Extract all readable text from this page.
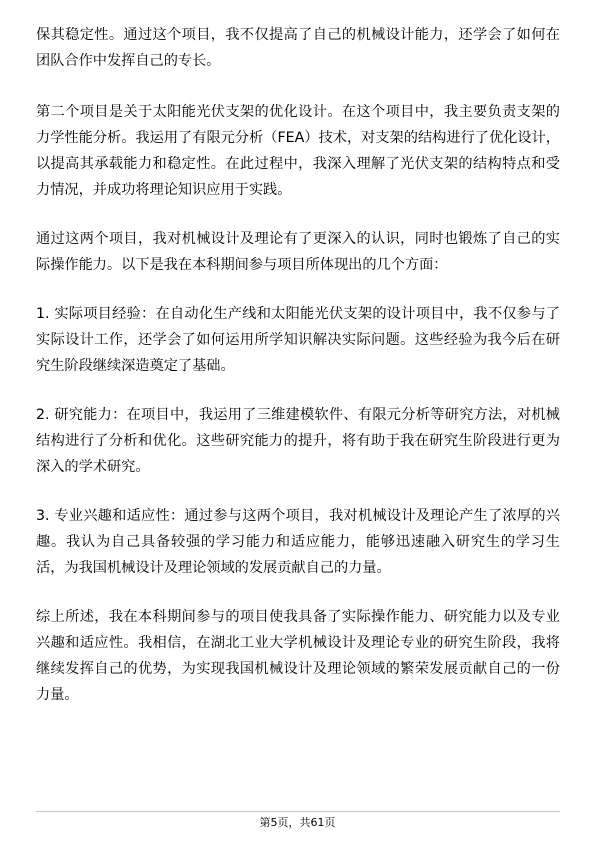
保其稳定性。通过这个项目，我不仅提高了自己的机械设计能力，还学会了如何在团队合作中发挥自己的专长。

第二个项目是关于太阳能光伏支架的优化设计。在这个项目中，我主要负责支架的力学性能分析。我运用了有限元分析（FEA）技术，对支架的结构进行了优化设计，以提高其承载能力和稳定性。在此过程中，我深入理解了光伏支架的结构特点和受力情况，并成功将理论知识应用于实践。

通过这两个项目，我对机械设计及理论有了更深入的认识，同时也锻炼了自己的实际操作能力。以下是我在本科期间参与项目所体现出的几个方面：

1. 实际项目经验：在自动化生产线和太阳能光伏支架的设计项目中，我不仅参与了实际设计工作，还学会了如何运用所学知识解决实际问题。这些经验为我今后在研究生阶段继续深造奠定了基础。

2. 研究能力：在项目中，我运用了三维建模软件、有限元分析等研究方法，对机械结构进行了分析和优化。这些研究能力的提升，将有助于我在研究生阶段进行更为深入的学术研究。

3. 专业兴趣和适应性：通过参与这两个项目，我对机械设计及理论产生了浓厚的兴趣。我认为自己具备较强的学习能力和适应能力，能够迅速融入研究生的学习生活，为我国机械设计及理论领域的发展贡献自己的力量。

综上所述，我在本科期间参与的项目使我具备了实际操作能力、研究能力以及专业兴趣和适应性。我相信，在湖北工业大学机械设计及理论专业的研究生阶段，我将继续发挥自己的优势，为实现我国机械设计及理论领域的繁荣发展贡献自己的一份力量。

第5页，共61页
